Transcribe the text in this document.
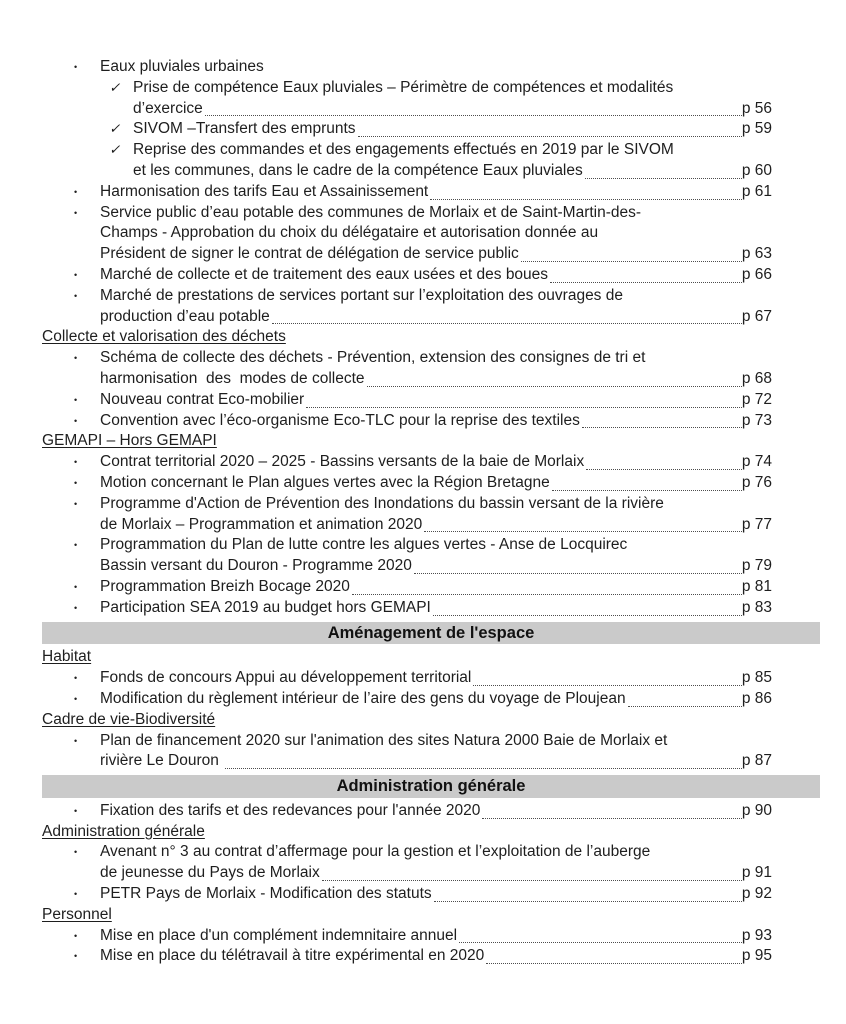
•	Eaux pluviales urbaines
✓ Prise de compétence Eaux pluviales – Périmètre de compétences et modalités
d’exercice	p 56
✓ SIVOM –Transfert des emprunts	p 59
✓ Reprise des commandes et des engagements effectués en 2019 par le SIVOM
et les communes, dans le cadre de la compétence Eaux pluviales	p 60
•	Harmonisation des tarifs Eau et Assainissement	p 61
•	Service public d’eau potable des communes de Morlaix et de Saint-Martin-des-
Champs - Approbation du choix du délégataire et autorisation donnée au
Président de signer le contrat de délégation de service public	p 63
•	Marché de collecte et de traitement des eaux usées et des boues	p 66
•	Marché de prestations de services portant sur l’exploitation des ouvrages de
production d’eau potable	p 67
Collecte et valorisation des déchets
•	Schéma de collecte des déchets - Prévention, extension des consignes de tri et
harmonisation  des  modes de collecte	p 68
•	Nouveau contrat Eco-mobilier	p 72
•	Convention avec l’éco-organisme Eco-TLC pour la reprise des textiles	p 73
GEMAPI – Hors GEMAPI
•	Contrat territorial 2020 – 2025 - Bassins versants de la baie de Morlaix	p 74
•	Motion concernant le Plan algues vertes avec la Région Bretagne	p 76
•	Programme d'Action de Prévention des Inondations du bassin versant de la rivière
de Morlaix – Programmation et animation 2020	p 77
•	Programmation du Plan de lutte contre les algues vertes - Anse de Locquirec
Bassin versant du Douron - Programme 2020	p 79
•	Programmation Breizh Bocage 2020	p 81
•	Participation SEA 2019 au budget hors GEMAPI	p 83
Aménagement de l'espace
Habitat
•	Fonds de concours Appui au développement territorial	p 85
•	Modification du règlement intérieur de l’aire des gens du voyage de Ploujean	p 86
Cadre de vie-Biodiversité
•	Plan de financement 2020 sur l'animation des sites Natura 2000 Baie de Morlaix et
rivière Le Douron	p 87
Administration générale
•	Fixation des tarifs et des redevances pour l'année 2020	p 90
Administration générale
•	Avenant n° 3 au contrat d’affermage pour la gestion et l’exploitation de l’auberge
de jeunesse du Pays de Morlaix	p 91
•	PETR Pays de Morlaix - Modification des statuts	p 92
Personnel
•	Mise en place d'un complément indemnitaire annuel	p 93
•	Mise en place du télétravail à titre expérimental en 2020	p 95
